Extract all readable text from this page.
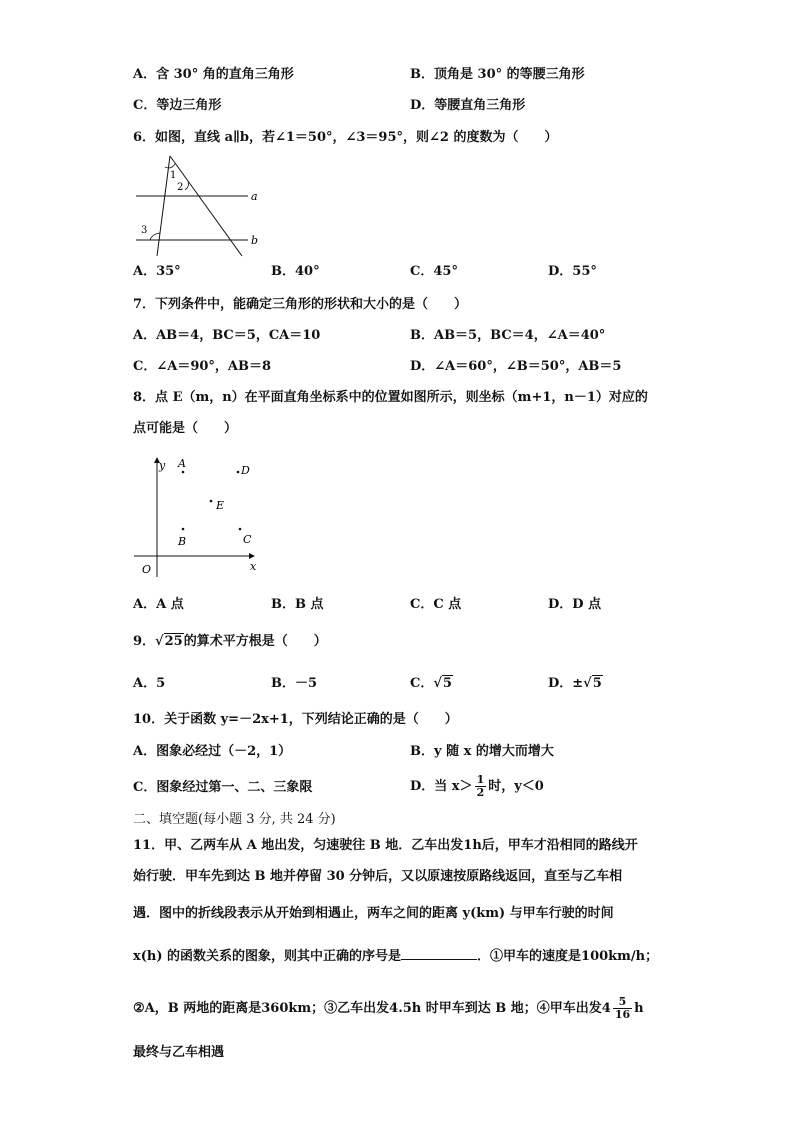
A．含 30° 角的直角三角形	B．顶角是 30° 的等腰三角形
C．等边三角形	D．等腰直角三角形
6．如图，直线 a∥b，若∠1＝50°，∠3＝95°，则∠2 的度数为（　　）
1
2
3
a
b
A．35°	B．40°	C．45°	D．55°
7．下列条件中，能确定三角形的形状和大小的是（　　）
A．AB＝4，BC＝5，CA＝10	B．AB＝5，BC＝4，∠A＝40°
C．∠A＝90°，AB＝8	D．∠A＝60°，∠B＝50°，AB＝5
8．点 E（m，n）在平面直角坐标系中的位置如图所示，则坐标（m+1，n－1）对应的
点可能是（　　）
y
x
O
A
D
E
B	C
A．A 点	B．B 点	C．C 点	D．D 点
9．√25的算术平方根是（　　）
A．5	B．－5	C．√5	D．±√5
10．关于函数 y=－2x+1，下列结论正确的是（　　）
A．图象必经过（－2，1）	B．y 随 x 的增大而增大
C．图象经过第一、二、三象限	D．当 $x> \frac{1}{2}$ 时，y＜0
二、填空题(每小题 3 分, 共 24 分)
11．甲、乙两车从 A 地出发，匀速驶往 B 地．乙车出发1h后，甲车才沿相同的路线开
始行驶．甲车先到达 B 地并停留 30 分钟后，又以原速按原路线返回，直至与乙车相
遇．图中的折线段表示从开始到相遇止，两车之间的距离 y(km) 与甲车行驶的时间
x(h) 的函数关系的图象，则其中正确的序号是	．①甲车的速度是100km/h；
②A，B 两地的距离是360km；③乙车出发4.5h 时甲车到达 B 地；④甲车出发$4 \frac{5}{16}$ h
最终与乙车相遇
